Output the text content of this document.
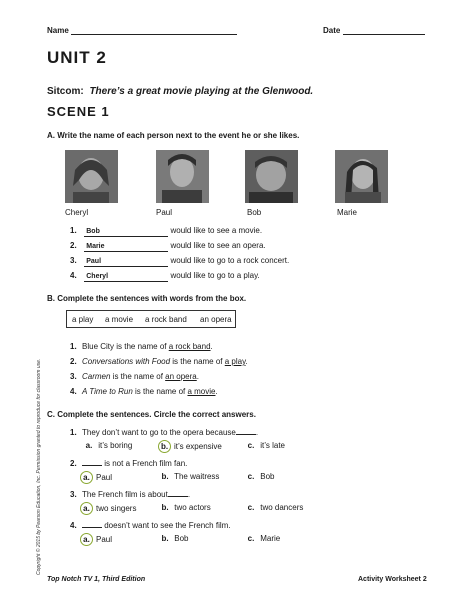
Name	Date
UNIT 2
Sitcom: There’s a great movie playing at the Glenwood.
SCENE 1
A. Write the name of each person next to the event he or she likes.
Cheryl	Paul	Bob	Marie
1. Bob	would like to see a movie.
2. Marie	would like to see an opera.
3. Paul	would like to go to a rock concert.
4. Cheryl	would like to go to a play.
B. Complete the sentences with words from the box.
a play a movie a rock band an opera
1. Blue City is the name of a rock band.
2. Conversations with Food is the name of a play.
3. Carmen is the name of an opera.
4. A Time to Run is the name of a movie.
C. Complete the sentences. Circle the correct answers.
1. They don’t want to go to the opera because	.
a. it’s boring	b. it’s expensive	c. it’s late
2.	is not a French film fan.
a. Paul	b. The waitress	c. Bob
3. The French film is about	.
a. two singers	b. two actors	c. two dancers
4.	doesn’t want to see the French film.
a. Paul	b. Bob	c. Marie
Copyright © 2015 by Pearson Education, Inc. Permission granted to reproduce for classroom use.
Top Notch TV 1, Third Edition	Activity Worksheet 2
